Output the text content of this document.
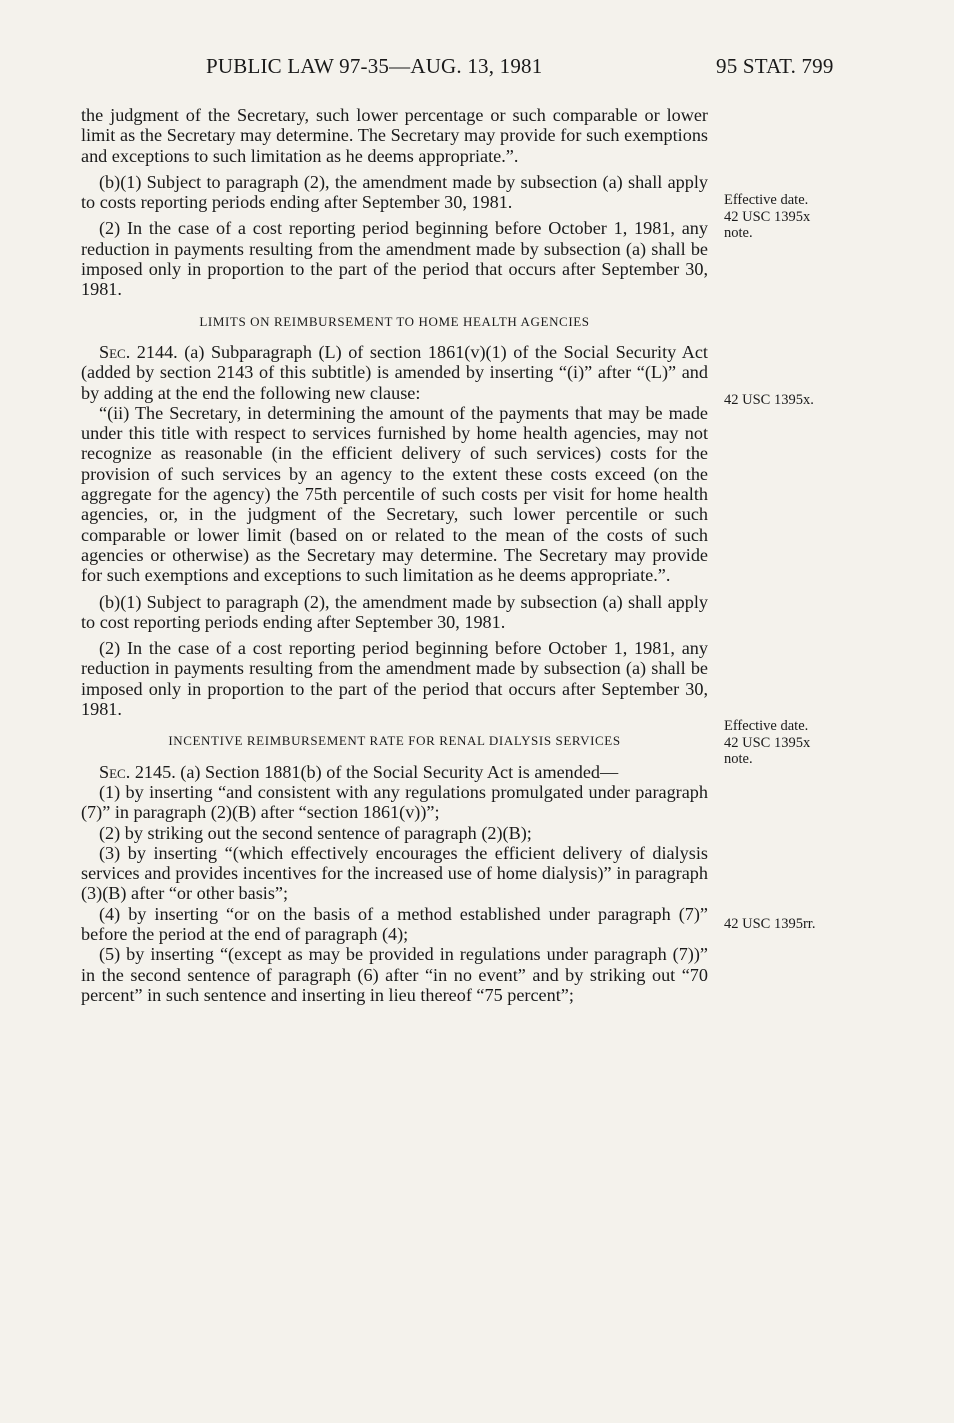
PUBLIC LAW 97-35—AUG. 13, 1981	95 STAT. 799

the judgment of the Secretary, such lower percentage or such comparable or lower limit as the Secretary may determine. The Secretary may provide for such exemptions and exceptions to such limitation as he deems appropriate.”.

(b)(1) Subject to paragraph (2), the amendment made by subsection (a) shall apply to costs reporting periods ending after September 30, 1981.

(2) In the case of a cost reporting period beginning before October 1, 1981, any reduction in payments resulting from the amendment made by subsection (a) shall be imposed only in proportion to the part of the period that occurs after September 30, 1981.

LIMITS ON REIMBURSEMENT TO HOME HEALTH AGENCIES

Sec. 2144. (a) Subparagraph (L) of section 1861(v)(1) of the Social Security Act (added by section 2143 of this subtitle) is amended by inserting “(i)” after “(L)” and by adding at the end the following new clause:

“(ii) The Secretary, in determining the amount of the payments that may be made under this title with respect to services furnished by home health agencies, may not recognize as reasonable (in the efficient delivery of such services) costs for the provision of such services by an agency to the extent these costs exceed (on the aggregate for the agency) the 75th percentile of such costs per visit for home health agencies, or, in the judgment of the Secretary, such lower percentile or such comparable or lower limit (based on or related to the mean of the costs of such agencies or otherwise) as the Secretary may determine. The Secretary may provide for such exemptions and exceptions to such limitation as he deems appropriate.”.

(b)(1) Subject to paragraph (2), the amendment made by subsection (a) shall apply to cost reporting periods ending after September 30, 1981.

(2) In the case of a cost reporting period beginning before October 1, 1981, any reduction in payments resulting from the amendment made by subsection (a) shall be imposed only in proportion to the part of the period that occurs after September 30, 1981.

INCENTIVE REIMBURSEMENT RATE FOR RENAL DIALYSIS SERVICES

Sec. 2145. (a) Section 1881(b) of the Social Security Act is amended—

(1) by inserting “and consistent with any regulations promulgated under paragraph (7)” in paragraph (2)(B) after “section 1861(v))”;

(2) by striking out the second sentence of paragraph (2)(B);

(3) by inserting “(which effectively encourages the efficient delivery of dialysis services and provides incentives for the increased use of home dialysis)” in paragraph (3)(B) after “or other basis”;

(4) by inserting “or on the basis of a method established under paragraph (7)” before the period at the end of paragraph (4);

(5) by inserting “(except as may be provided in regulations under paragraph (7))” in the second sentence of paragraph (6) after “in no event” and by striking out “70 percent” in such sentence and inserting in lieu thereof “75 percent”;

Effective date.
42 USC 1395x
note.
42 USC 1395x.
Effective date.
42 USC 1395x
note.
42 USC 1395rr.
